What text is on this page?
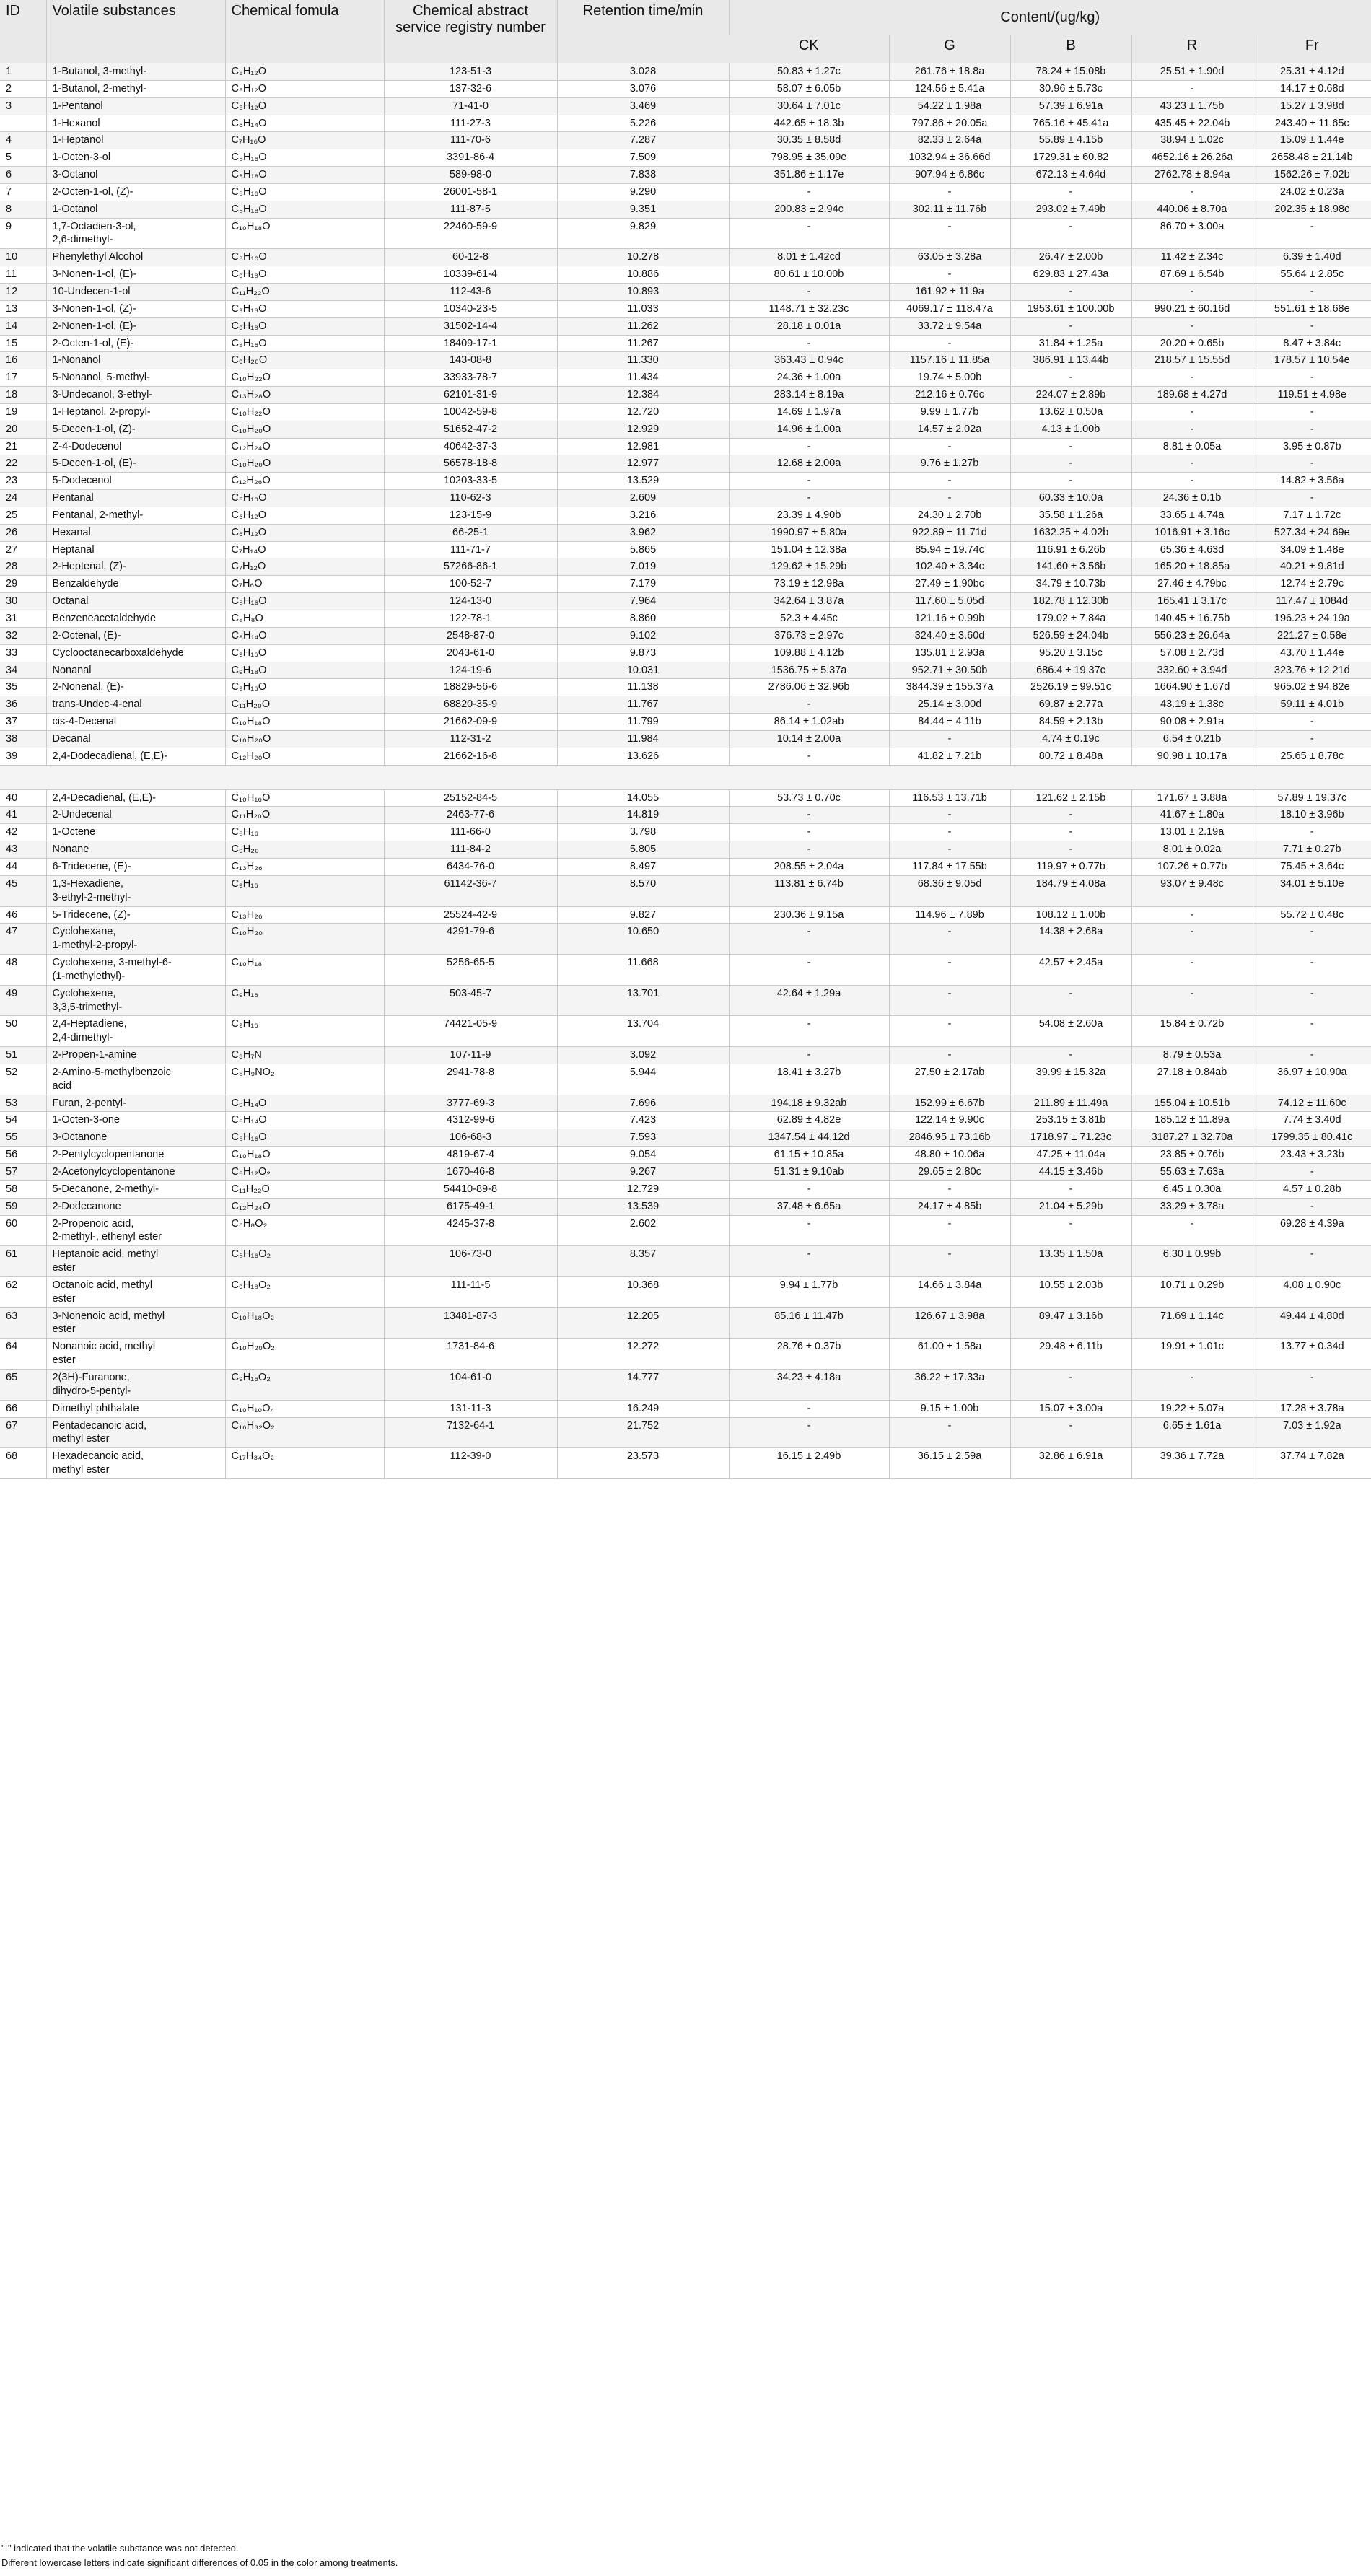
ID	Volatile substances	Chemical fomula	Chemical abstract service registry number	Retention time/min	Content/(ug/kg)				
					CK	G	B	R	Fr
1	1-Butanol, 3-methyl-	C₅H₁₂O	123-51-3	3.028	50.83 ± 1.27c	261.76 ± 18.8a	78.24 ± 15.08b	25.51 ± 1.90d	25.31 ± 4.12d
2	1-Butanol, 2-methyl-	C₅H₁₂O	137-32-6	3.076	58.07 ± 6.05b	124.56 ± 5.41a	30.96 ± 5.73c	-	14.17 ± 0.68d
3	1-Pentanol	C₅H₁₂O	71-41-0	3.469	30.64 ± 7.01c	54.22 ± 1.98a	57.39 ± 6.91a	43.23 ± 1.75b	15.27 ± 3.98d
	1-Hexanol	C₆H₁₄O	111-27-3	5.226	442.65 ± 18.3b	797.86 ± 20.05a	765.16 ± 45.41a	435.45 ± 22.04b	243.40 ± 11.65c
4	1-Heptanol	C₇H₁₆O	111-70-6	7.287	30.35 ± 8.58d	82.33 ± 2.64a	55.89 ± 4.15b	38.94 ± 1.02c	15.09 ± 1.44e
5	1-Octen-3-ol	C₈H₁₆O	3391-86-4	7.509	798.95 ± 35.09e	1032.94 ± 36.66d	1729.31 ± 60.82	4652.16 ± 26.26a	2658.48 ± 21.14b
6	3-Octanol	C₈H₁₈O	589-98-0	7.838	351.86 ± 1.17e	907.94 ± 6.86c	672.13 ± 4.64d	2762.78 ± 8.94a	1562.26 ± 7.02b
7	2-Octen-1-ol, (Z)-	C₈H₁₆O	26001-58-1	9.290	-	-	-	-	24.02 ± 0.23a
8	1-Octanol	C₈H₁₈O	111-87-5	9.351	200.83 ± 2.94c	302.11 ± 11.76b	293.02 ± 7.49b	440.06 ± 8.70a	202.35 ± 18.98c
9	1,7-Octadien-3-ol,
2,6-dimethyl-	C₁₀H₁₈O	22460-59-9	9.829	-	-	-	86.70 ± 3.00a	-
10	Phenylethyl Alcohol	C₈H₁₀O	60-12-8	10.278	8.01 ± 1.42cd	63.05 ± 3.28a	26.47 ± 2.00b	11.42 ± 2.34c	6.39 ± 1.40d
11	3-Nonen-1-ol, (E)-	C₉H₁₈O	10339-61-4	10.886	80.61 ± 10.00b	-	629.83 ± 27.43a	87.69 ± 6.54b	55.64 ± 2.85c
12	10-Undecen-1-ol	C₁₁H₂₂O	112-43-6	10.893	-	161.92 ± 11.9a	-	-	-
13	3-Nonen-1-ol, (Z)-	C₉H₁₈O	10340-23-5	11.033	1148.71 ± 32.23c	4069.17 ± 118.47a	1953.61 ± 100.00b	990.21 ± 60.16d	551.61 ± 18.68e
14	2-Nonen-1-ol, (E)-	C₉H₁₈O	31502-14-4	11.262	28.18 ± 0.01a	33.72 ± 9.54a	-	-	-
15	2-Octen-1-ol, (E)-	C₈H₁₆O	18409-17-1	11.267	-	-	31.84 ± 1.25a	20.20 ± 0.65b	8.47 ± 3.84c
16	1-Nonanol	C₉H₂₀O	143-08-8	11.330	363.43 ± 0.94c	1157.16 ± 11.85a	386.91 ± 13.44b	218.57 ± 15.55d	178.57 ± 10.54e
17	5-Nonanol, 5-methyl-	C₁₀H₂₂O	33933-78-7	11.434	24.36 ± 1.00a	19.74 ± 5.00b	-	-	-
18	3-Undecanol, 3-ethyl-	C₁₃H₂₈O	62101-31-9	12.384	283.14 ± 8.19a	212.16 ± 0.76c	224.07 ± 2.89b	189.68 ± 4.27d	119.51 ± 4.98e
19	1-Heptanol, 2-propyl-	C₁₀H₂₂O	10042-59-8	12.720	14.69 ± 1.97a	9.99 ± 1.77b	13.62 ± 0.50a	-	-
20	5-Decen-1-ol, (Z)-	C₁₀H₂₀O	51652-47-2	12.929	14.96 ± 1.00a	14.57 ± 2.02a	4.13 ± 1.00b	-	-
21	Z-4-Dodecenol	C₁₂H₂₄O	40642-37-3	12.981	-	-	-	8.81 ± 0.05a	3.95 ± 0.87b
22	5-Decen-1-ol, (E)-	C₁₀H₂₀O	56578-18-8	12.977	12.68 ± 2.00a	9.76 ± 1.27b	-	-	-
23	5-Dodecenol	C₁₂H₂₆O	10203-33-5	13.529	-	-	-	-	14.82 ± 3.56a
24	Pentanal	C₅H₁₀O	110-62-3	2.609	-	-	60.33 ± 10.0a	24.36 ± 0.1b	-
25	Pentanal, 2-methyl-	C₆H₁₂O	123-15-9	3.216	23.39 ± 4.90b	24.30 ± 2.70b	35.58 ± 1.26a	33.65 ± 4.74a	7.17 ± 1.72c
26	Hexanal	C₆H₁₂O	66-25-1	3.962	1990.97 ± 5.80a	922.89 ± 11.71d	1632.25 ± 4.02b	1016.91 ± 3.16c	527.34 ± 24.69e
27	Heptanal	C₇H₁₄O	111-71-7	5.865	151.04 ± 12.38a	85.94 ± 19.74c	116.91 ± 6.26b	65.36 ± 4.63d	34.09 ± 1.48e
28	2-Heptenal, (Z)-	C₇H₁₂O	57266-86-1	7.019	129.62 ± 15.29b	102.40 ± 3.34c	141.60 ± 3.56b	165.20 ± 18.85a	40.21 ± 9.81d
29	Benzaldehyde	C₇H₆O	100-52-7	7.179	73.19 ± 12.98a	27.49 ± 1.90bc	34.79 ± 10.73b	27.46 ± 4.79bc	12.74 ± 2.79c
30	Octanal	C₈H₁₆O	124-13-0	7.964	342.64 ± 3.87a	117.60 ± 5.05d	182.78 ± 12.30b	165.41 ± 3.17c	117.47 ± 1084d
31	Benzeneacetaldehyde	C₈H₈O	122-78-1	8.860	52.3 ± 4.45c	121.16 ± 0.99b	179.02 ± 7.84a	140.45 ± 16.75b	196.23 ± 24.19a
32	2-Octenal, (E)-	C₈H₁₄O	2548-87-0	9.102	376.73 ± 2.97c	324.40 ± 3.60d	526.59 ± 24.04b	556.23 ± 26.64a	221.27 ± 0.58e
33	Cyclooctanecarboxaldehyde	C₉H₁₆O	2043-61-0	9.873	109.88 ± 4.12b	135.81 ± 2.93a	95.20 ± 3.15c	57.08 ± 2.73d	43.70 ± 1.44e
34	Nonanal	C₉H₁₈O	124-19-6	10.031	1536.75 ± 5.37a	952.71 ± 30.50b	686.4 ± 19.37c	332.60 ± 3.94d	323.76 ± 12.21d
35	2-Nonenal, (E)-	C₉H₁₆O	18829-56-6	11.138	2786.06 ± 32.96b	3844.39 ± 155.37a	2526.19 ± 99.51c	1664.90 ± 1.67d	965.02 ± 94.82e
36	trans-Undec-4-enal	C₁₁H₂₀O	68820-35-9	11.767	-	25.14 ± 3.00d	69.87 ± 2.77a	43.19 ± 1.38c	59.11 ± 4.01b
37	cis-4-Decenal	C₁₀H₁₈O	21662-09-9	11.799	86.14 ± 1.02ab	84.44 ± 4.11b	84.59 ± 2.13b	90.08 ± 2.91a	-
38	Decanal	C₁₀H₂₀O	112-31-2	11.984	10.14 ± 2.00a	-	4.74 ± 0.19c	6.54 ± 0.21b	-
39	2,4-Dodecadienal, (E,E)-	C₁₂H₂₀O	21662-16-8	13.626	-	41.82 ± 7.21b	80.72 ± 8.48a	90.98 ± 10.17a	25.65 ± 8.78c

40	2,4-Decadienal, (E,E)-	C₁₀H₁₆O	25152-84-5	14.055	53.73 ± 0.70c	116.53 ± 13.71b	121.62 ± 2.15b	171.67 ± 3.88a	57.89 ± 19.37c
41	2-Undecenal	C₁₁H₂₀O	2463-77-6	14.819	-	-	-	41.67 ± 1.80a	18.10 ± 3.96b
42	1-Octene	C₈H₁₆	111-66-0	3.798	-	-	-	13.01 ± 2.19a	-
43	Nonane	C₉H₂₀	111-84-2	5.805	-	-	-	8.01 ± 0.02a	7.71 ± 0.27b
44	6-Tridecene, (E)-	C₁₃H₂₆	6434-76-0	8.497	208.55 ± 2.04a	117.84 ± 17.55b	119.97 ± 0.77b	107.26 ± 0.77b	75.45 ± 3.64c
45	1,3-Hexadiene,
3-ethyl-2-methyl-	C₉H₁₆	61142-36-7	8.570	113.81 ± 6.74b	68.36 ± 9.05d	184.79 ± 4.08a	93.07 ± 9.48c	34.01 ± 5.10e
46	5-Tridecene, (Z)-	C₁₃H₂₆	25524-42-9	9.827	230.36 ± 9.15a	114.96 ± 7.89b	108.12 ± 1.00b	-	55.72 ± 0.48c
47	Cyclohexane,
1-methyl-2-propyl-	C₁₀H₂₀	4291-79-6	10.650	-	-	14.38 ± 2.68a	-	-
48	Cyclohexene, 3-methyl-6-
(1-methylethyl)-	C₁₀H₁₈	5256-65-5	11.668	-	-	42.57 ± 2.45a	-	-
49	Cyclohexene,
3,3,5-trimethyl-	C₉H₁₆	503-45-7	13.701	42.64 ± 1.29a	-	-	-	-
50	2,4-Heptadiene,
2,4-dimethyl-	C₉H₁₆	74421-05-9	13.704	-	-	54.08 ± 2.60a	15.84 ± 0.72b	-
51	2-Propen-1-amine	C₃H₇N	107-11-9	3.092	-	-	-	8.79 ± 0.53a	-
52	2-Amino-5-methylbenzoic
acid	C₈H₉NO₂	2941-78-8	5.944	18.41 ± 3.27b	27.50 ± 2.17ab	39.99 ± 15.32a	27.18 ± 0.84ab	36.97 ± 10.90a
53	Furan, 2-pentyl-	C₉H₁₄O	3777-69-3	7.696	194.18 ± 9.32ab	152.99 ± 6.67b	211.89 ± 11.49a	155.04 ± 10.51b	74.12 ± 11.60c
54	1-Octen-3-one	C₈H₁₄O	4312-99-6	7.423	62.89 ± 4.82e	122.14 ± 9.90c	253.15 ± 3.81b	185.12 ± 11.89a	7.74 ± 3.40d
55	3-Octanone	C₈H₁₆O	106-68-3	7.593	1347.54 ± 44.12d	2846.95 ± 73.16b	1718.97 ± 71.23c	3187.27 ± 32.70a	1799.35 ± 80.41c
56	2-Pentylcyclopentanone	C₁₀H₁₈O	4819-67-4	9.054	61.15 ± 10.85a	48.80 ± 10.06a	47.25 ± 11.04a	23.85 ± 0.76b	23.43 ± 3.23b
57	2-Acetonylcyclopentanone	C₈H₁₂O₂	1670-46-8	9.267	51.31 ± 9.10ab	29.65 ± 2.80c	44.15 ± 3.46b	55.63 ± 7.63a	-
58	5-Decanone, 2-methyl-	C₁₁H₂₂O	54410-89-8	12.729	-	-	-	6.45 ± 0.30a	4.57 ± 0.28b
59	2-Dodecanone	C₁₂H₂₄O	6175-49-1	13.539	37.48 ± 6.65a	24.17 ± 4.85b	21.04 ± 5.29b	33.29 ± 3.78a	-
60	2-Propenoic acid,
2-methyl-, ethenyl ester	C₆H₈O₂	4245-37-8	2.602	-	-	-	-	69.28 ± 4.39a
61	Heptanoic acid, methyl
ester	C₈H₁₆O₂	106-73-0	8.357	-	-	13.35 ± 1.50a	6.30 ± 0.99b	-
62	Octanoic acid, methyl
ester	C₉H₁₈O₂	111-11-5	10.368	9.94 ± 1.77b	14.66 ± 3.84a	10.55 ± 2.03b	10.71 ± 0.29b	4.08 ± 0.90c
63	3-Nonenoic acid, methyl
ester	C₁₀H₁₈O₂	13481-87-3	12.205	85.16 ± 11.47b	126.67 ± 3.98a	89.47 ± 3.16b	71.69 ± 1.14c	49.44 ± 4.80d
64	Nonanoic acid, methyl
ester	C₁₀H₂₀O₂	1731-84-6	12.272	28.76 ± 0.37b	61.00 ± 1.58a	29.48 ± 6.11b	19.91 ± 1.01c	13.77 ± 0.34d
65	2(3H)-Furanone,
dihydro-5-pentyl-	C₉H₁₆O₂	104-61-0	14.777	34.23 ± 4.18a	36.22 ± 17.33a	-	-	-
66	Dimethyl phthalate	C₁₀H₁₀O₄	131-11-3	16.249	-	9.15 ± 1.00b	15.07 ± 3.00a	19.22 ± 5.07a	17.28 ± 3.78a
67	Pentadecanoic acid,
methyl ester	C₁₆H₃₂O₂	7132-64-1	21.752	-	-	-	6.65 ± 1.61a	7.03 ± 1.92a
68	Hexadecanoic acid,
methyl ester	C₁₇H₃₄O₂	112-39-0	23.573	16.15 ± 2.49b	36.15 ± 2.59a	32.86 ± 6.91a	39.36 ± 7.72a	37.74 ± 7.82a
"-" indicated that the volatile substance was not detected.
Different lowercase letters indicate significant differences of 0.05 in the color among treatments.
